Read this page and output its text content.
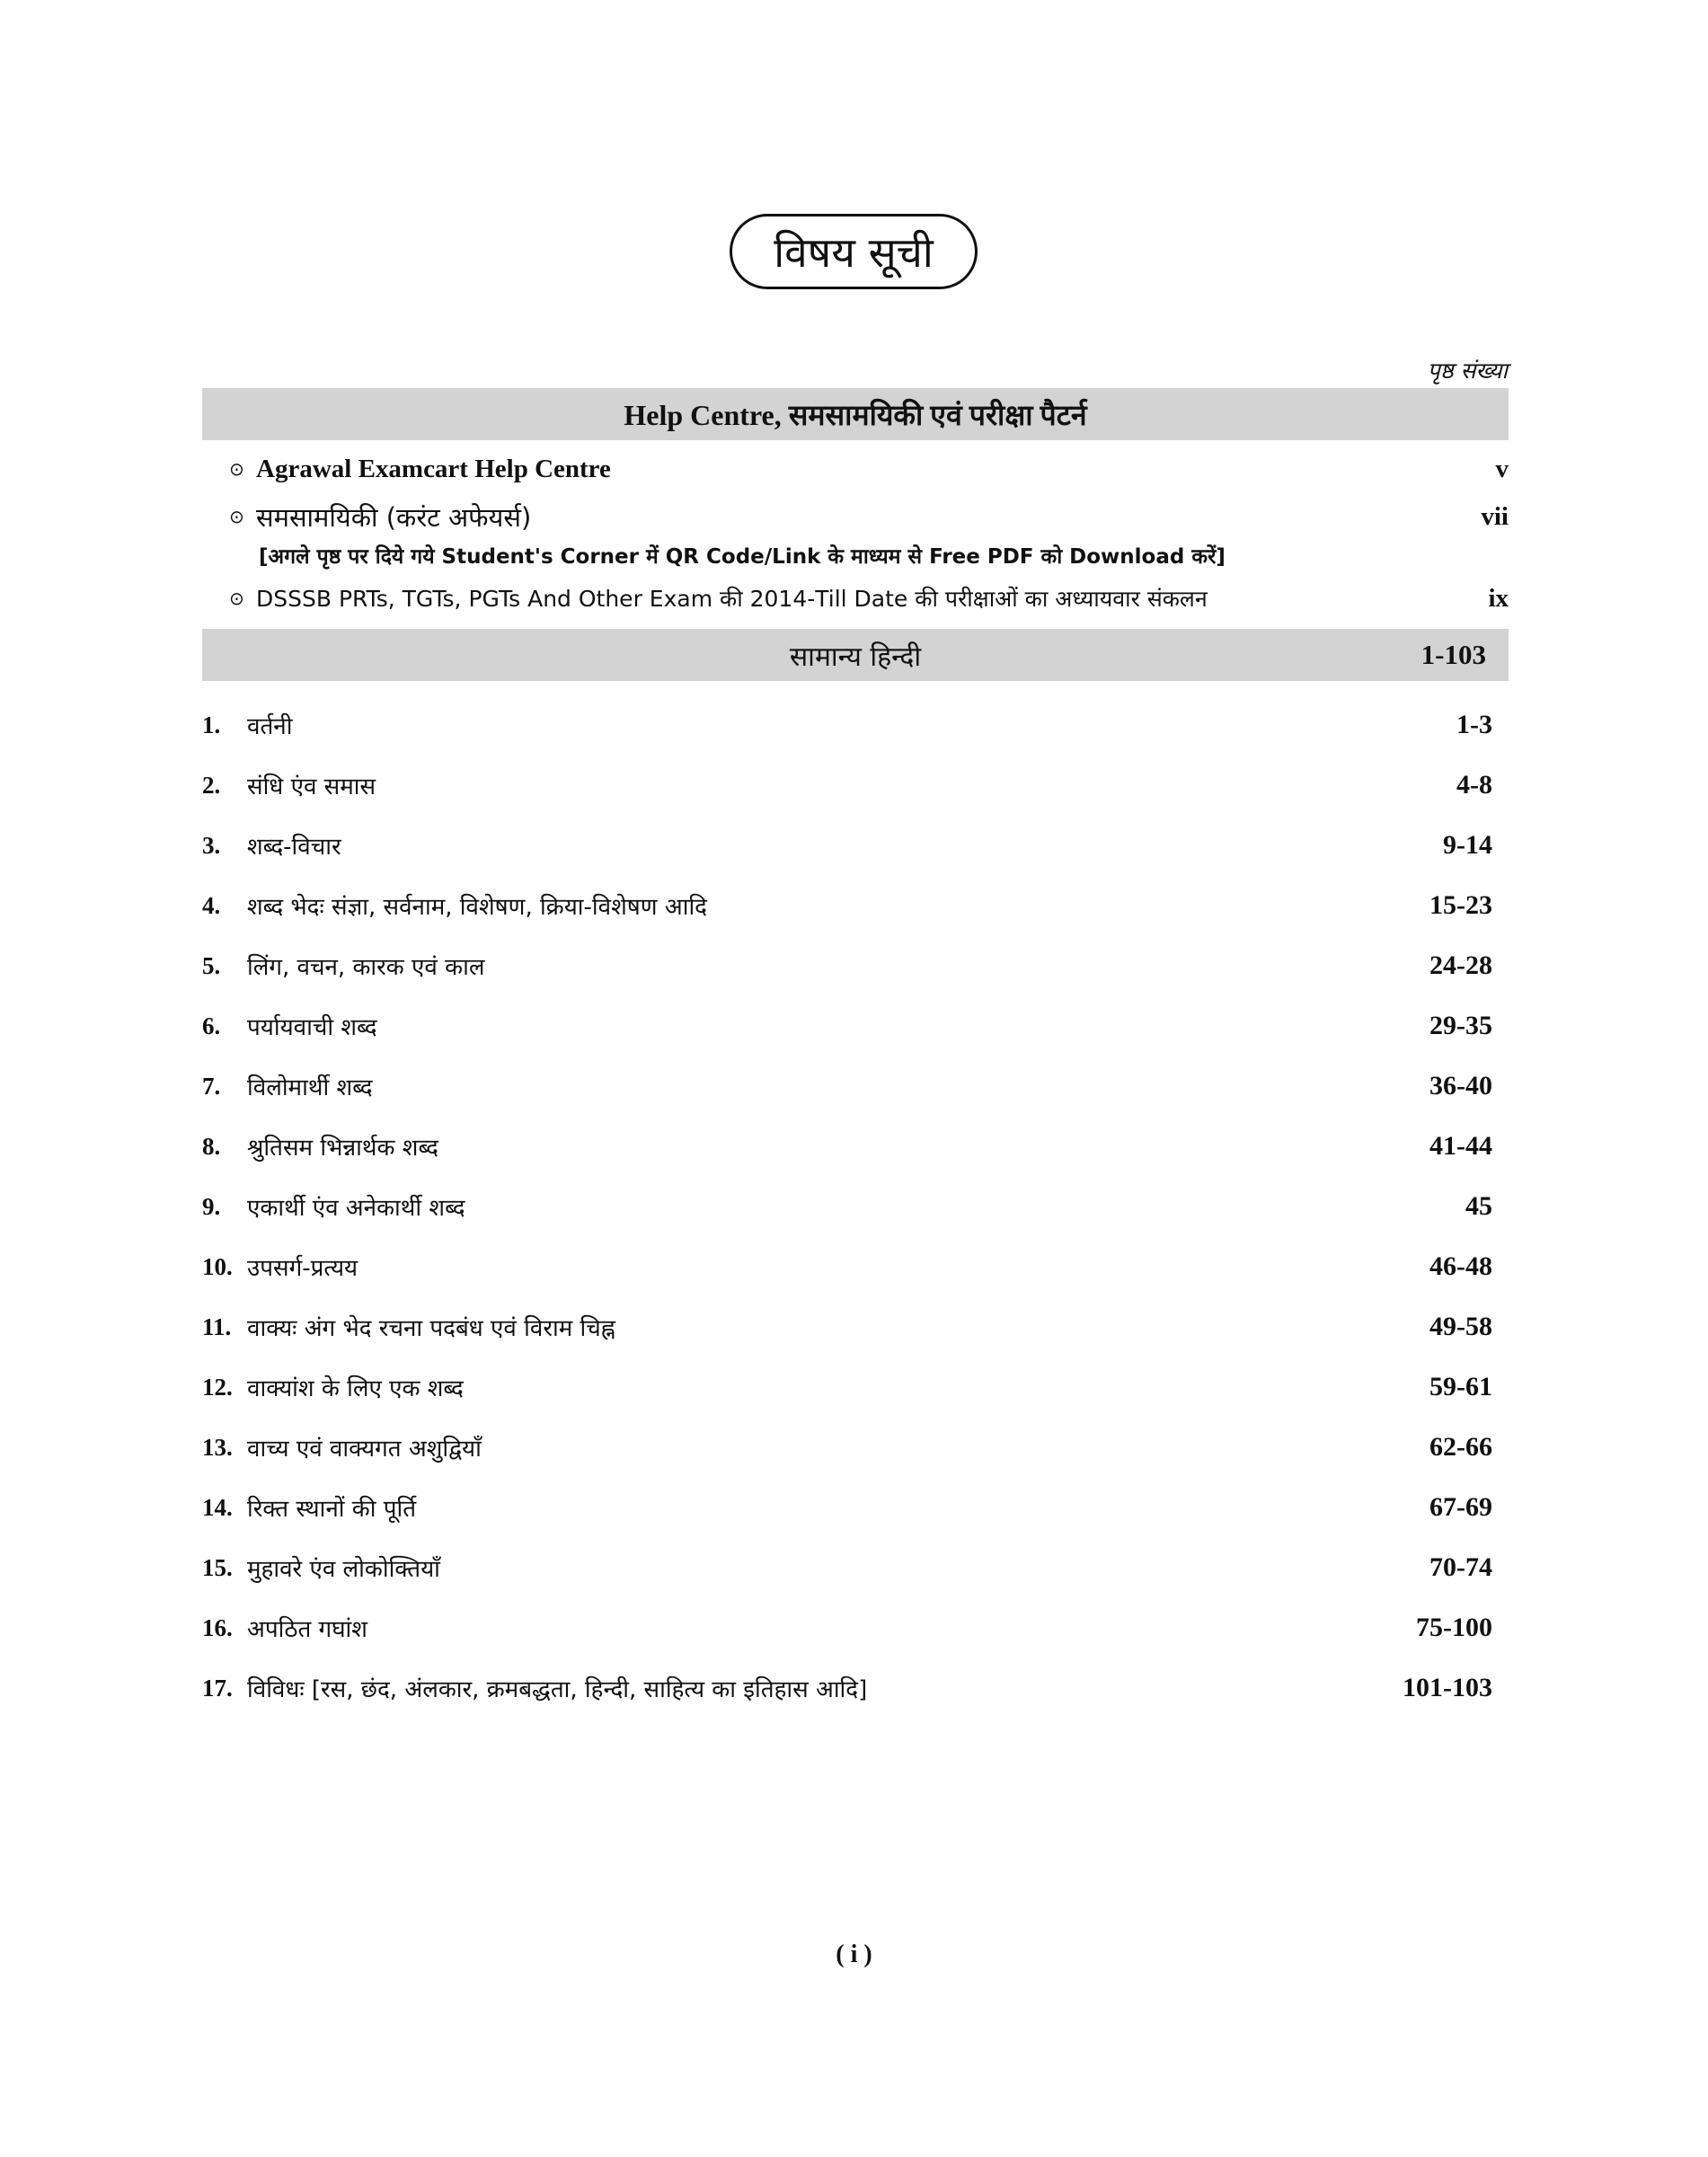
विषय सूची
पृष्ठ संख्या
Help Centre, समसामयिकी एवं परीक्षा पैटर्न
⊙ Agrawal Examcart Help Centre	v
⊙ समसामयिकी (करंट अफेयर्स)	vii
[अगले पृष्ठ पर दिये गये Student's Corner में QR Code/Link के माध्यम से Free PDF को Download करें]
⊙ DSSSB PRTs, TGTs, PGTs And Other Exam की 2014-Till Date की परीक्षाओं का अध्यायवार संकलन	ix
सामान्य हिन्दी	1-103
1.	वर्तनी	1-3
2.	संधि एंव समास	4-8
3.	शब्द-विचार	9-14
4.	शब्द भेदः संज्ञा, सर्वनाम, विशेषण, क्रिया-विशेषण आदि	15-23
5.	लिंग, वचन, कारक एवं काल	24-28
6.	पर्यायवाची शब्द	29-35
7.	विलोमार्थी शब्द	36-40
8.	श्रुतिसम भिन्नार्थक शब्द	41-44
9.	एकार्थी एंव अनेकार्थी शब्द	45
10. उपसर्ग-प्रत्यय	46-48
11. वाक्यः अंग भेद रचना पदबंध एवं विराम चिह्न	49-58
12. वाक्यांश के लिए एक शब्द	59-61
13. वाच्य एवं वाक्यगत अशुद्वियाँ	62-66
14. रिक्त स्थानों की पूर्ति	67-69
15. मुहावरे एंव लोकोक्तियाँ	70-74
16. अपठित गघांश	75-100
17. विविधः [रस, छंद, अंलकार, क्रमबद्धता, हिन्दी, साहित्य का इतिहास आदि]	101-103
( i )
